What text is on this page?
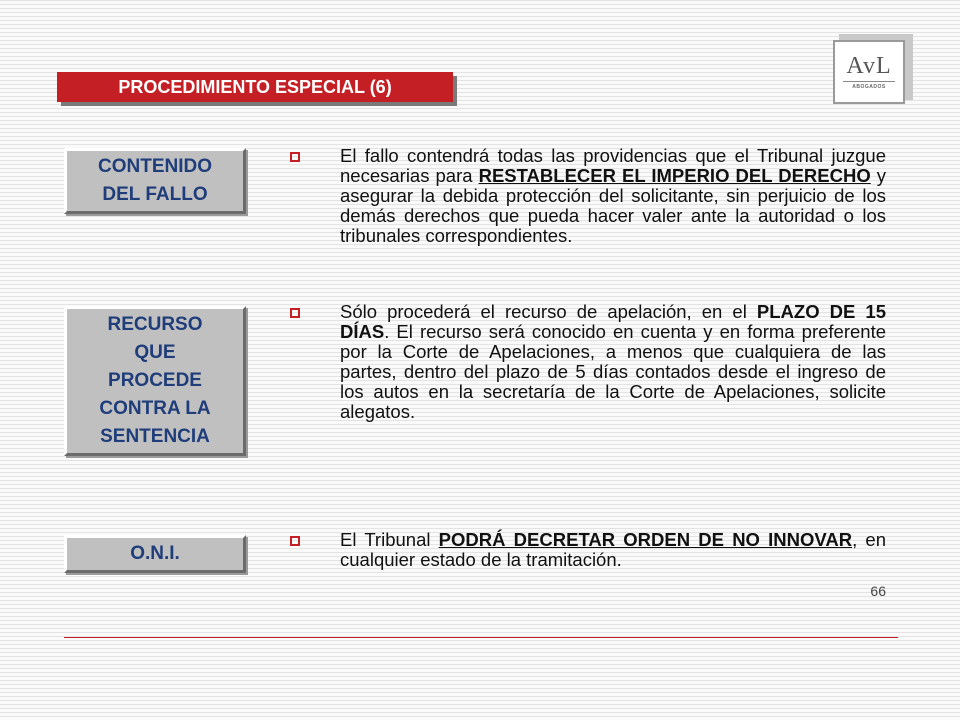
PROCEDIMIENTO ESPECIAL (6)
AvL
ABOGADOS
CONTENIDO
DEL FALLO
RECURSO
QUE
PROCEDE
CONTRA LA
SENTENCIA
O.N.I.
El fallo contendrá todas las providencias que el Tribunal juzgue necesarias para RESTABLECER EL IMPERIO DEL DERECHO y asegurar la debida protección del solicitante, sin perjuicio de los demás derechos que pueda hacer valer ante la autoridad o los tribunales correspondientes.
Sólo procederá el recurso de apelación, en el PLAZO DE 15 DÍAS. El recurso será conocido en cuenta y en forma preferente por la Corte de Apelaciones, a menos que cualquiera de las partes, dentro del plazo de 5 días contados desde el ingreso de los autos en la secretaría de la Corte de Apelaciones, solicite alegatos.
El Tribunal PODRÁ DECRETAR ORDEN DE NO INNOVAR, en cualquier estado de la tramitación.
66
